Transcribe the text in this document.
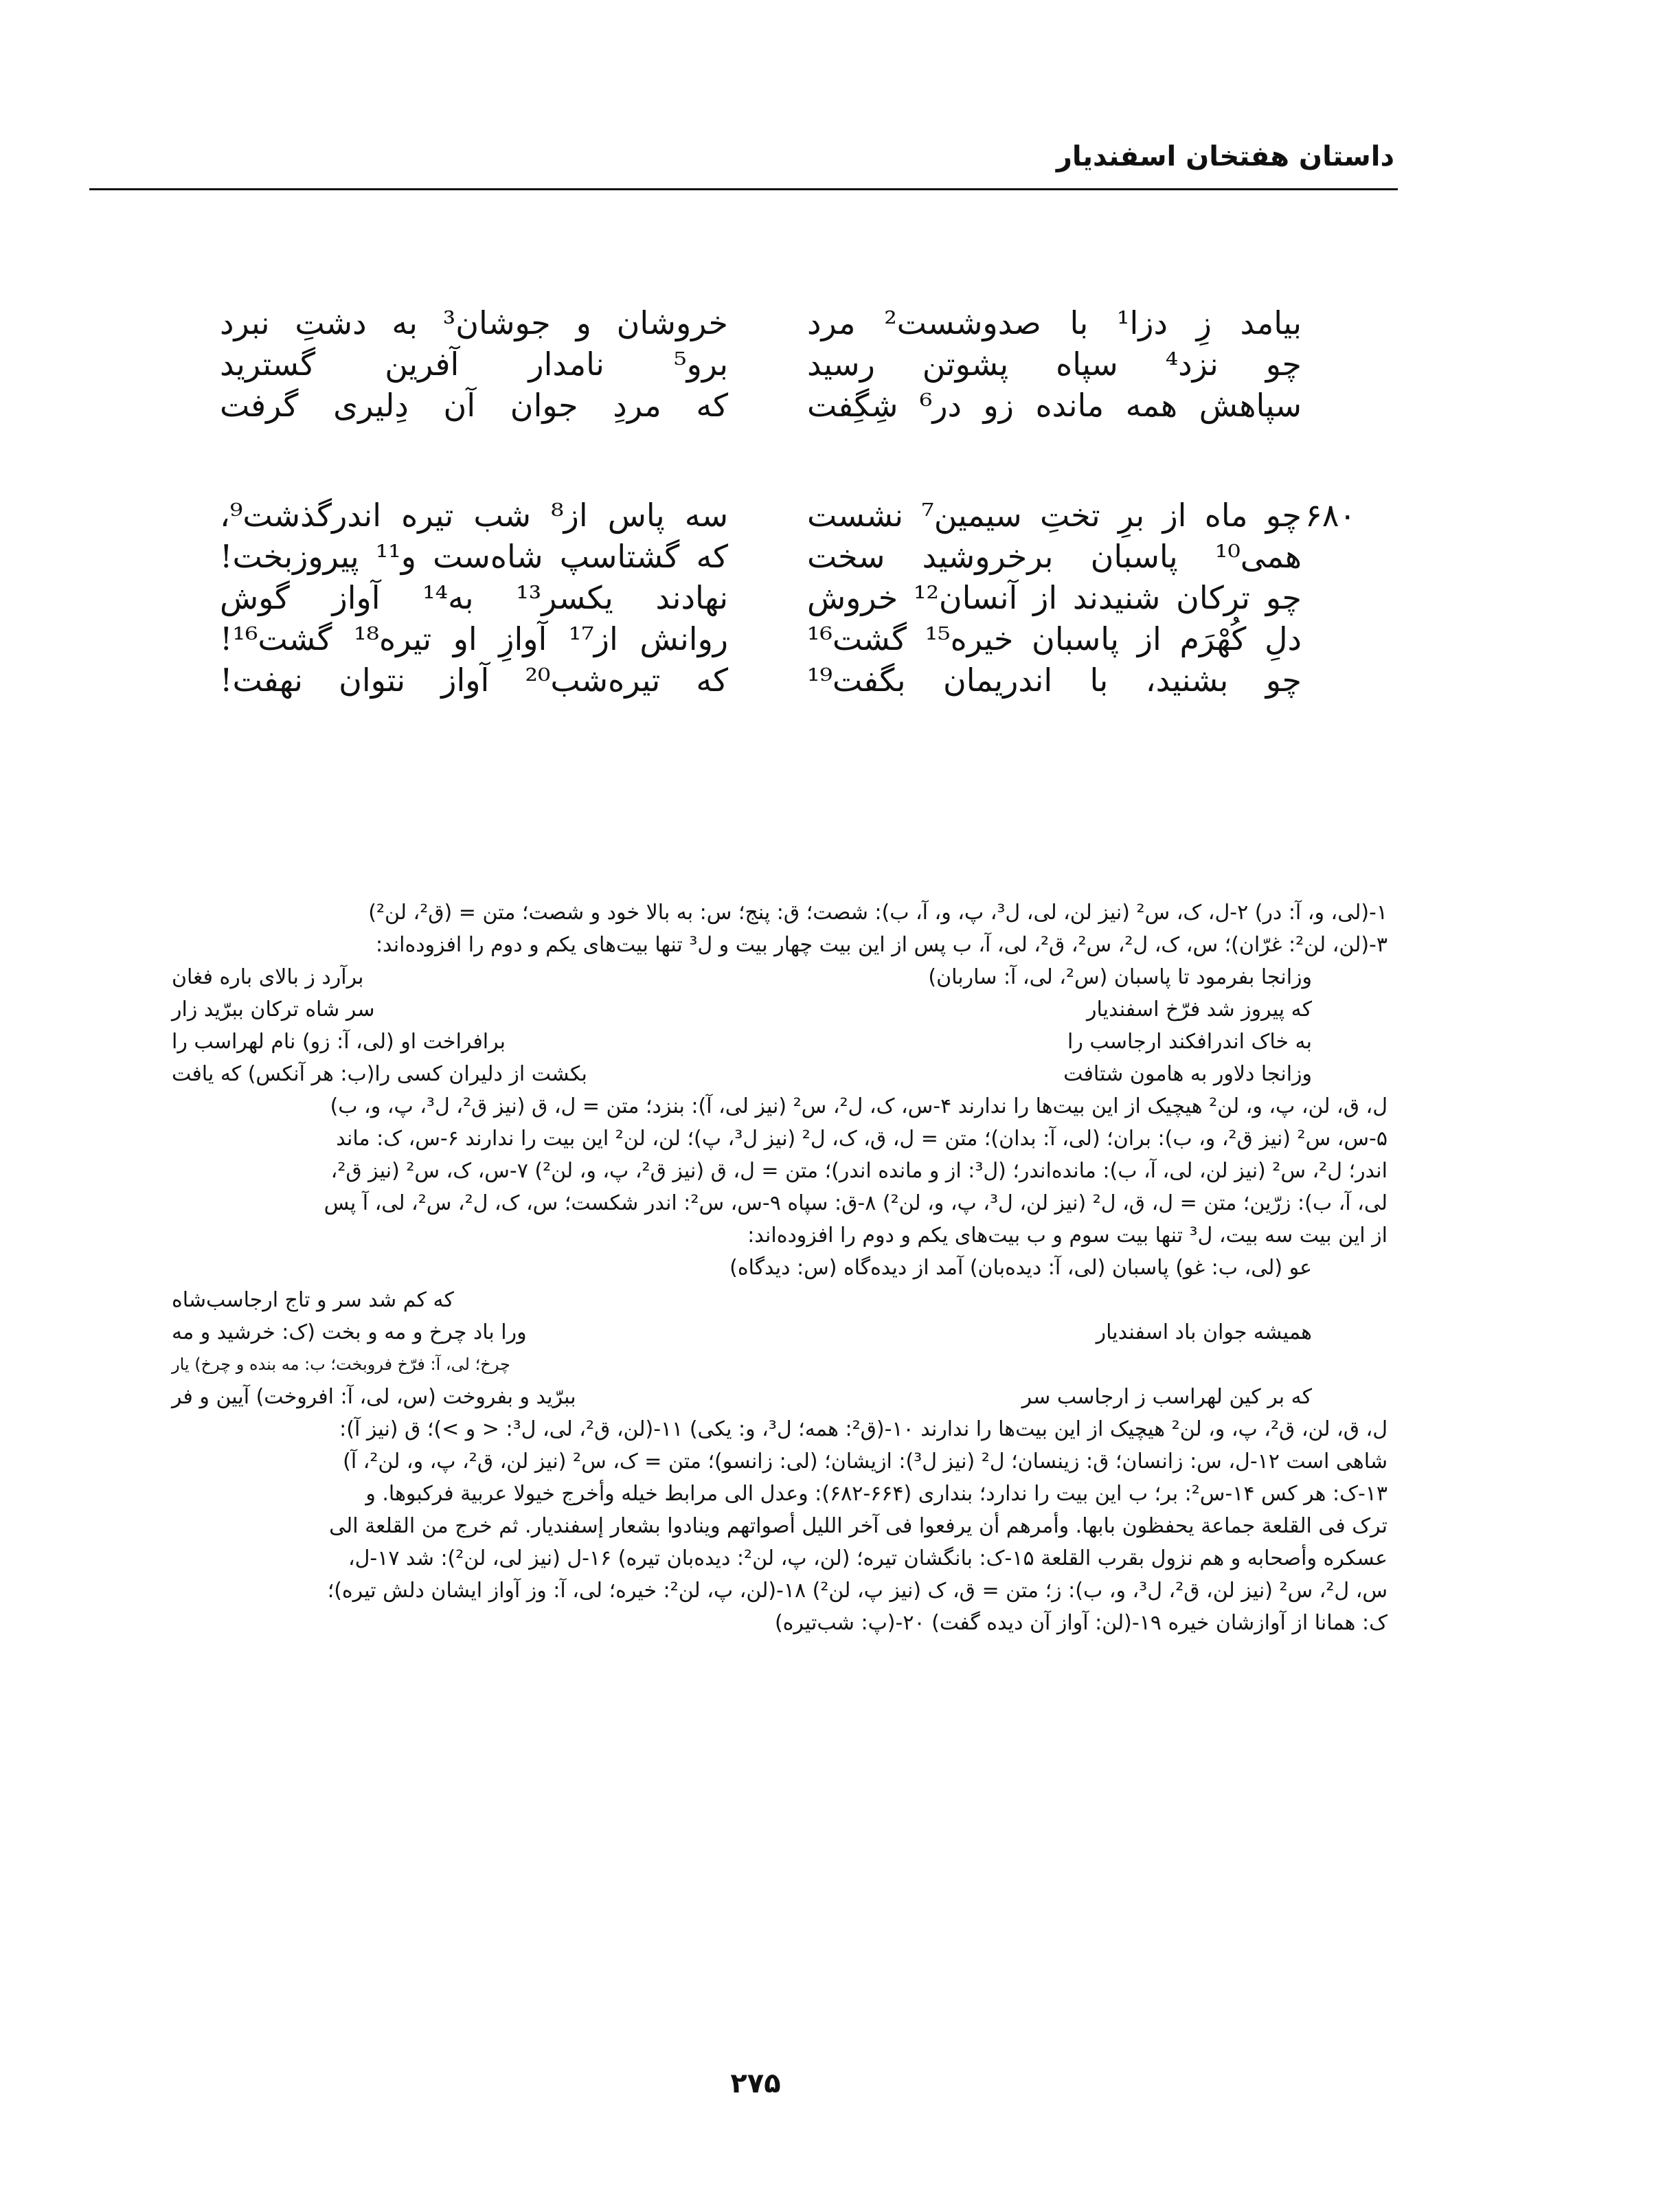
داستان هفتخان اسفندیار
بیامد زِ دزا¹ با صدوشست² مرد
چو نزد⁴ سپاه پشوتن رسید
سپاهش همه مانده زو در⁶ شِگِفت
خروشان و جوشان³ به دشتِ نبرد
برو⁵ نامدار آفرین گسترید
که مردِ جوان آن دِلیری گرفت
۶۸۰
چو ماه از برِ تختِ سیمین⁷ نشست
همی¹⁰ پاسبان برخروشید سخت
چو ترکان شنیدند از آنسان¹² خروش
دلِ کُهْرَم از پاسبان خیره¹⁵ گشت¹⁶
چو بشنید، با اندریمان بگفت¹⁹
سه پاس از⁸ شب تیره اندرگذشت⁹،
که گشتاسپ شاه‌ست و¹¹ پیروزبخت!
نهادند یکسر¹³ به¹⁴ آواز گوش
روانش از¹⁷ آوازِ او تیره¹⁸ گشت¹⁶!
که تیره‌شب²⁰ آواز نتوان نهفت!
۱-(لی، و، آ: در) ۲-ل، ک، س² (نیز لن، لی، ل³، پ، و، آ، ب): شصت؛ ق: پنج؛ س: به بالا خود و شصت؛ متن = (ق²، لن²)
۳-(لن، لن²: غرّان)؛ س، ک، ل²، س²، ق²، لی، آ، ب پس از این بیت چهار بیت و ل³ تنها بیت‌های یکم و دوم را افزوده‌اند:
وزانجا بفرمود تا پاسبان (س²، لی، آ: ساربان)
برآرد ز بالای باره فغان
که پیروز شد فرّخ اسفندیار
سر شاه ترکان ببرّید زار
به خاک اندرافکند ارجاسب را
برافراخت او (لی، آ: زو) نام لهراسب را
وزانجا دلاور به هامون شتافت
بکشت از دلیران کسی را(ب: هر آنکس) که یافت
ل، ق، لن، پ، و، لن² هیچیک از این بیت‌ها را ندارند ۴-س، ک، ل²، س² (نیز لی، آ): بنزد؛ متن = ل، ق (نیز ق²، ل³، پ، و، ب)
۵-س، س² (نیز ق²، و، ب): بران؛ (لی، آ: بدان)؛ متن = ل، ق، ک، ل² (نیز ل³، پ)؛ لن، لن² این بیت را ندارند ۶-س، ک: ماند
اندر؛ ل²، س² (نیز لن، لی، آ، ب): مانده‌اندر؛ (ل³: از و مانده اندر)؛ متن = ل، ق (نیز ق²، پ، و، لن²) ۷-س، ک، س² (نیز ق²،
لی، آ، ب): زرّین؛ متن = ل، ق، ل² (نیز لن، ل³، پ، و، لن²) ۸-ق: سپاه ۹-س، س²: اندر شکست؛ س، ک، ل²، س²، لی، آ پس
از این بیت سه بیت، ل³ تنها بیت سوم و ب بیت‌های یکم و دوم را افزوده‌اند:
عو (لی، ب: غو) پاسبان (لی، آ: دیده‌بان) آمد از دیده‌گاه (س: دیدگاه)
که کم شد سر و تاج ارجاسب‌شاه
همیشه جوان باد اسفندیار
ورا باد چرخ و مه و بخت (ک: خرشید و مه
چرخ؛ لی، آ: فرّخ فروبخت؛ ب: مه بنده و چرخ) یار
که بر کین لهراسب ز ارجاسب سر
ببرّید و بفروخت (س، لی، آ: افروخت) آیین و فر
ل، ق، لن، ق²، پ، و، لن² هیچیک از این بیت‌ها را ندارند ۱۰-(ق²: همه؛ ل³، و: یکی) ۱۱-(لن، ق²، لی، ل³: < و >)؛ ق (نیز آ):
شاهی است ۱۲-ل، س: زانسان؛ ق: زینسان؛ ل² (نیز ل³): ازیشان؛ (لی: زانسو)؛ متن = ک، س² (نیز لن، ق²، پ، و، لن²، آ)
۱۳-ک: هر کس ۱۴-س²: بر؛ ب این بیت را ندارد؛ بنداری (۶۶۴-۶۸۲): وعدل الی مرابط خیله وأخرج خیولا عربیة فرکبوها. و
ترک فی القلعة جماعة یحفظون بابها. وأمرهم أن یرفعوا فی آخر اللیل أصواتهم وینادوا بشعار إسفندیار. ثم خرج من القلعة الی
عسکره وأصحابه و هم نزول بقرب القلعة ۱۵-ک: بانگشان تیره؛ (لن، پ، لن²: دیده‌بان تیره) ۱۶-ل (نیز لی، لن²): شد ۱۷-ل،
س، ل²، س² (نیز لن، ق²، ل³، و، ب): ز؛ متن = ق، ک (نیز پ، لن²) ۱۸-(لن، پ، لن²: خیره؛ لی، آ: وز آواز ایشان دلش تیره)؛
ک: همانا از آوازشان خیره ۱۹-(لن: آواز آن دیده گفت) ۲۰-(پ: شب‌تیره)
۲۷۵
